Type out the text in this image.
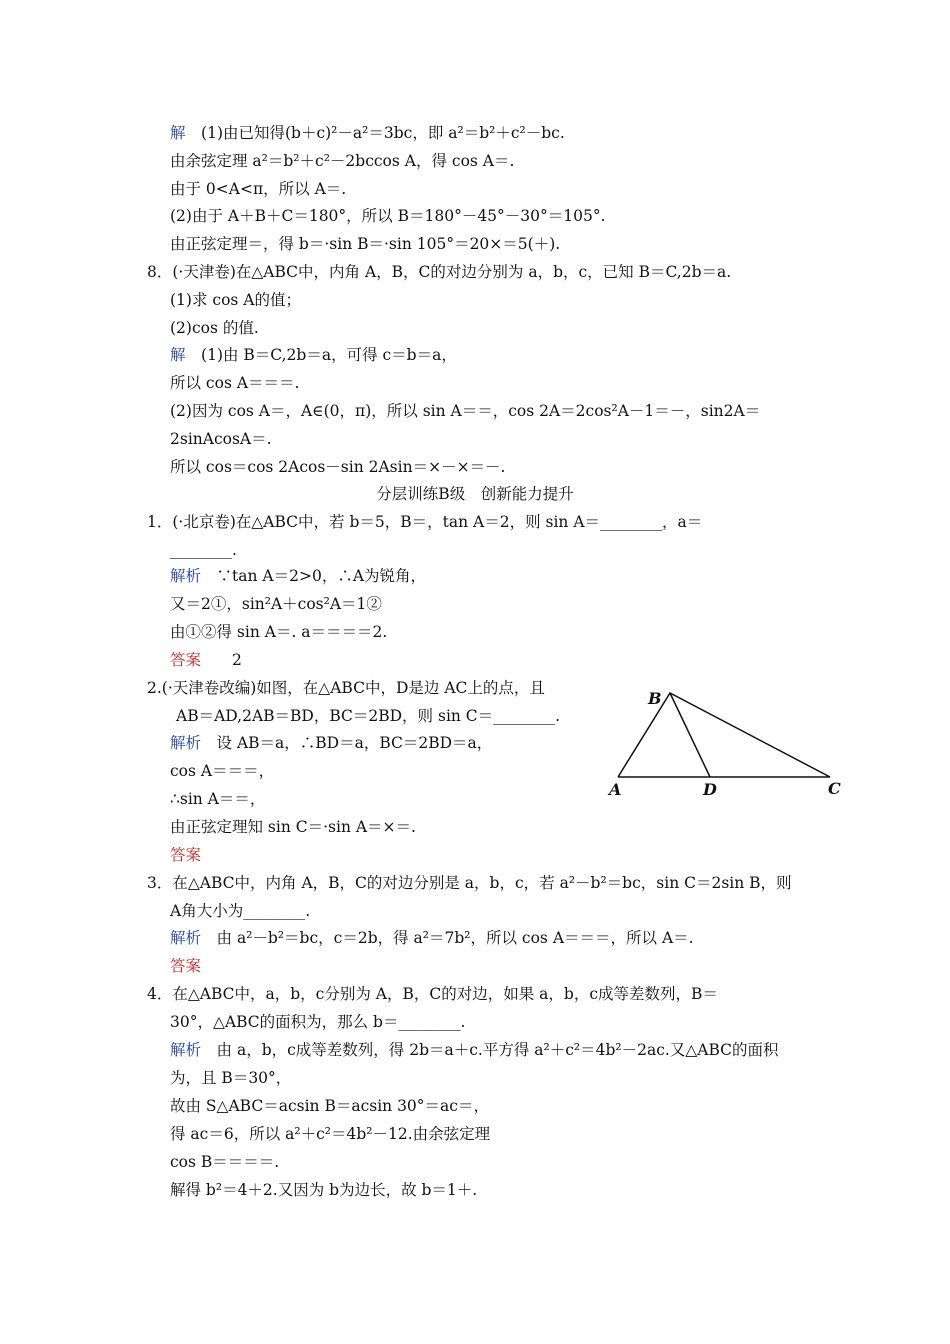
解　 (1)由已知得(b＋c)²－a²＝3bc，即 a²＝b²＋c²－bc.
由余弦定理 a²＝b²＋c²－2bccos A，得 cos A＝.
由于 0<A<π，所以 A＝.
(2)由于 A＋B＋C＝180°，所以 B＝180°－45°－30°＝105°.
由正弦定理＝，得 b＝·sin B＝·sin 105°＝20×＝5(＋).
8．(·天津卷)在△ABC中，内角 A，B，C的对边分别为 a，b，c，已知 B＝C,2b＝a.
(1)求 cos A的值；
(2)cos 的值.
解　 (1)由 B＝C,2b＝a，可得 c＝b＝a，
所以 cos A＝＝＝.
(2)因为 cos A＝，A∈(0，π)，所以 sin A＝＝，cos 2A＝2cos²A－1＝－，sin2A＝
2sinAcosA＝.
所以 cos＝cos 2Acos－sin 2Asin＝×－×＝－.
分层训练B级　创新能力提升
1．(·北京卷)在△ABC中，若 b＝5，B＝，tan A＝2，则 sin A＝________，a＝
________.
解析　 ∵tan A＝2>0，∴A为锐角，
又＝2①，sin²A＋cos²A＝1②
由①②得 sin A＝. a＝＝＝＝2.
答案　　 2
2.(·天津卷改编)如图，在△ABC中，D是边 AC上的点，且
AB＝AD,2AB＝BD，BC＝2BD，则 sin C＝________.
解析　 设 AB＝a，∴BD＝a，BC＝2BD＝a，
cos A＝＝＝，
∴sin A＝＝，
由正弦定理知 sin C＝·sin A＝×＝.
答案
B
A	D	C
3．在△ABC中，内角 A，B，C的对边分别是 a，b，c，若 a²－b²＝bc，sin C＝2sin B，则
A角大小为________.
解析　 由 a²－b²＝bc，c＝2b，得 a²＝7b²，所以 cos A＝＝＝，所以 A＝.
答案
4．在△ABC中，a，b，c分别为 A，B，C的对边，如果 a，b，c成等差数列，B＝
30°，△ABC的面积为，那么 b＝________.
解析　 由 a，b，c成等差数列，得 2b＝a＋c.平方得 a²＋c²＝4b²－2ac.又△ABC的面积
为，且 B＝30°，
故由 S△ABC＝acsin B＝acsin 30°＝ac＝，
得 ac＝6，所以 a²＋c²＝4b²－12.由余弦定理
cos B＝＝＝＝.
解得 b²＝4＋2.又因为 b为边长，故 b＝1＋.
